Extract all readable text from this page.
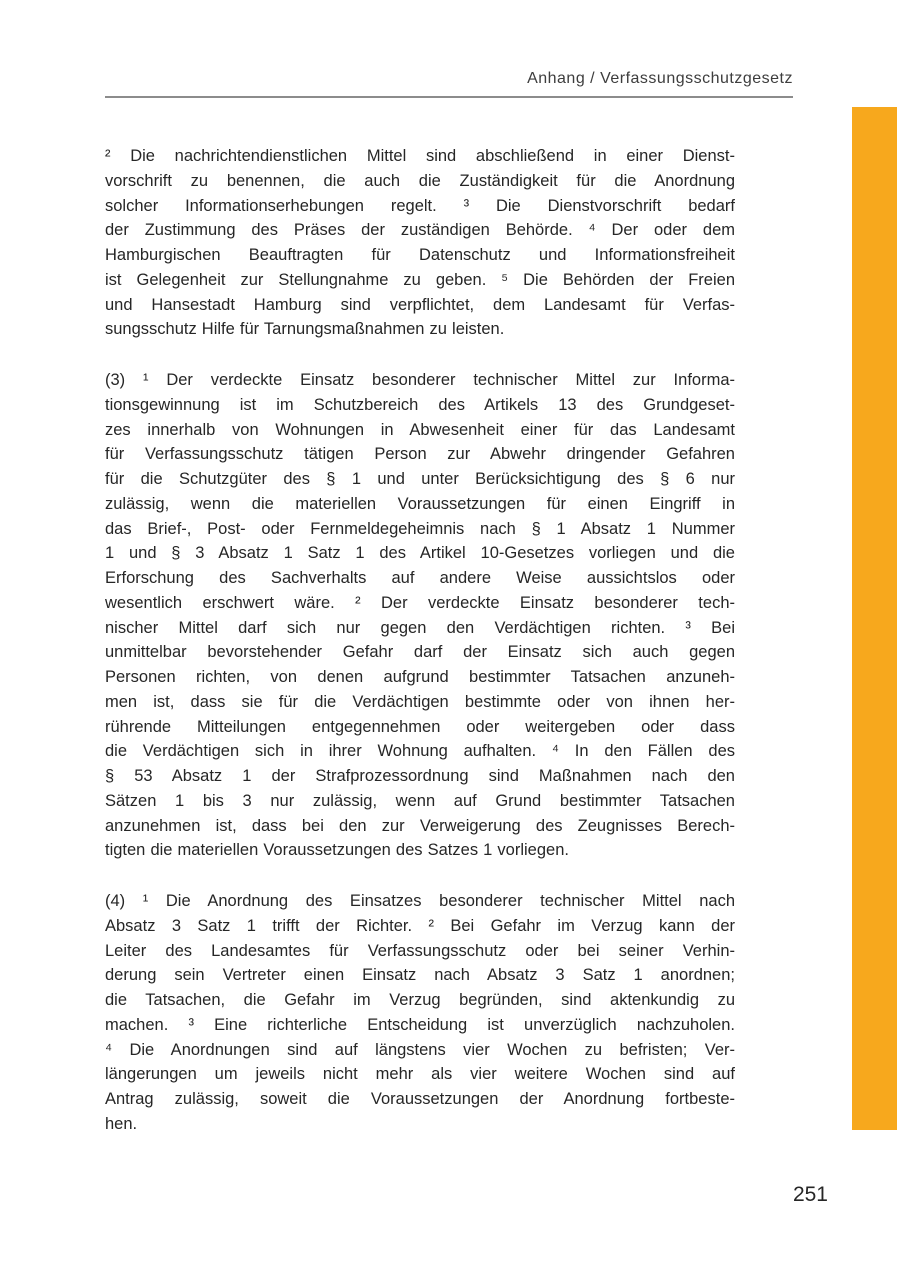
Anhang / Verfassungsschutzgesetz
² Die nachrichtendienstlichen Mittel sind abschließend in einer Dienst-
vorschrift zu benennen, die auch die Zuständigkeit für die Anordnung
solcher Informationserhebungen regelt. ³ Die Dienstvorschrift bedarf
der Zustimmung des Präses der zuständigen Behörde. ⁴ Der oder dem
Hamburgischen Beauftragten für Datenschutz und Informationsfreiheit
ist Gelegenheit zur Stellungnahme zu geben. ⁵ Die Behörden der Freien
und Hansestadt Hamburg sind verpflichtet, dem Landesamt für Verfas-
sungsschutz Hilfe für Tarnungsmaßnahmen zu leisten.
(3) ¹ Der verdeckte Einsatz besonderer technischer Mittel zur Informa-
tionsgewinnung ist im Schutzbereich des Artikels 13 des Grundgeset-
zes innerhalb von Wohnungen in Abwesenheit einer für das Landesamt
für Verfassungsschutz tätigen Person zur Abwehr dringender Gefahren
für die Schutzgüter des § 1 und unter Berücksichtigung des § 6 nur
zulässig, wenn die materiellen Voraussetzungen für einen Eingriff in
das Brief-, Post- oder Fernmeldegeheimnis nach § 1 Absatz 1 Nummer
1 und § 3 Absatz 1 Satz 1 des Artikel 10-Gesetzes vorliegen und die
Erforschung des Sachverhalts auf andere Weise aussichtslos oder
wesentlich erschwert wäre. ² Der verdeckte Einsatz besonderer tech-
nischer Mittel darf sich nur gegen den Verdächtigen richten. ³ Bei
unmittelbar bevorstehender Gefahr darf der Einsatz sich auch gegen
Personen richten, von denen aufgrund bestimmter Tatsachen anzuneh-
men ist, dass sie für die Verdächtigen bestimmte oder von ihnen her-
rührende Mitteilungen entgegennehmen oder weitergeben oder dass
die Verdächtigen sich in ihrer Wohnung aufhalten. ⁴ In den Fällen des
§ 53 Absatz 1 der Strafprozessordnung sind Maßnahmen nach den
Sätzen 1 bis 3 nur zulässig, wenn auf Grund bestimmter Tatsachen
anzunehmen ist, dass bei den zur Verweigerung des Zeugnisses Berech-
tigten die materiellen Voraussetzungen des Satzes 1 vorliegen.
(4) ¹ Die Anordnung des Einsatzes besonderer technischer Mittel nach
Absatz 3 Satz 1 trifft der Richter. ² Bei Gefahr im Verzug kann der
Leiter des Landesamtes für Verfassungsschutz oder bei seiner Verhin-
derung sein Vertreter einen Einsatz nach Absatz 3 Satz 1 anordnen;
die Tatsachen, die Gefahr im Verzug begründen, sind aktenkundig zu
machen. ³ Eine richterliche Entscheidung ist unverzüglich nachzuholen.
⁴ Die Anordnungen sind auf längstens vier Wochen zu befristen; Ver-
längerungen um jeweils nicht mehr als vier weitere Wochen sind auf
Antrag zulässig, soweit die Voraussetzungen der Anordnung fortbeste-
hen.
251
